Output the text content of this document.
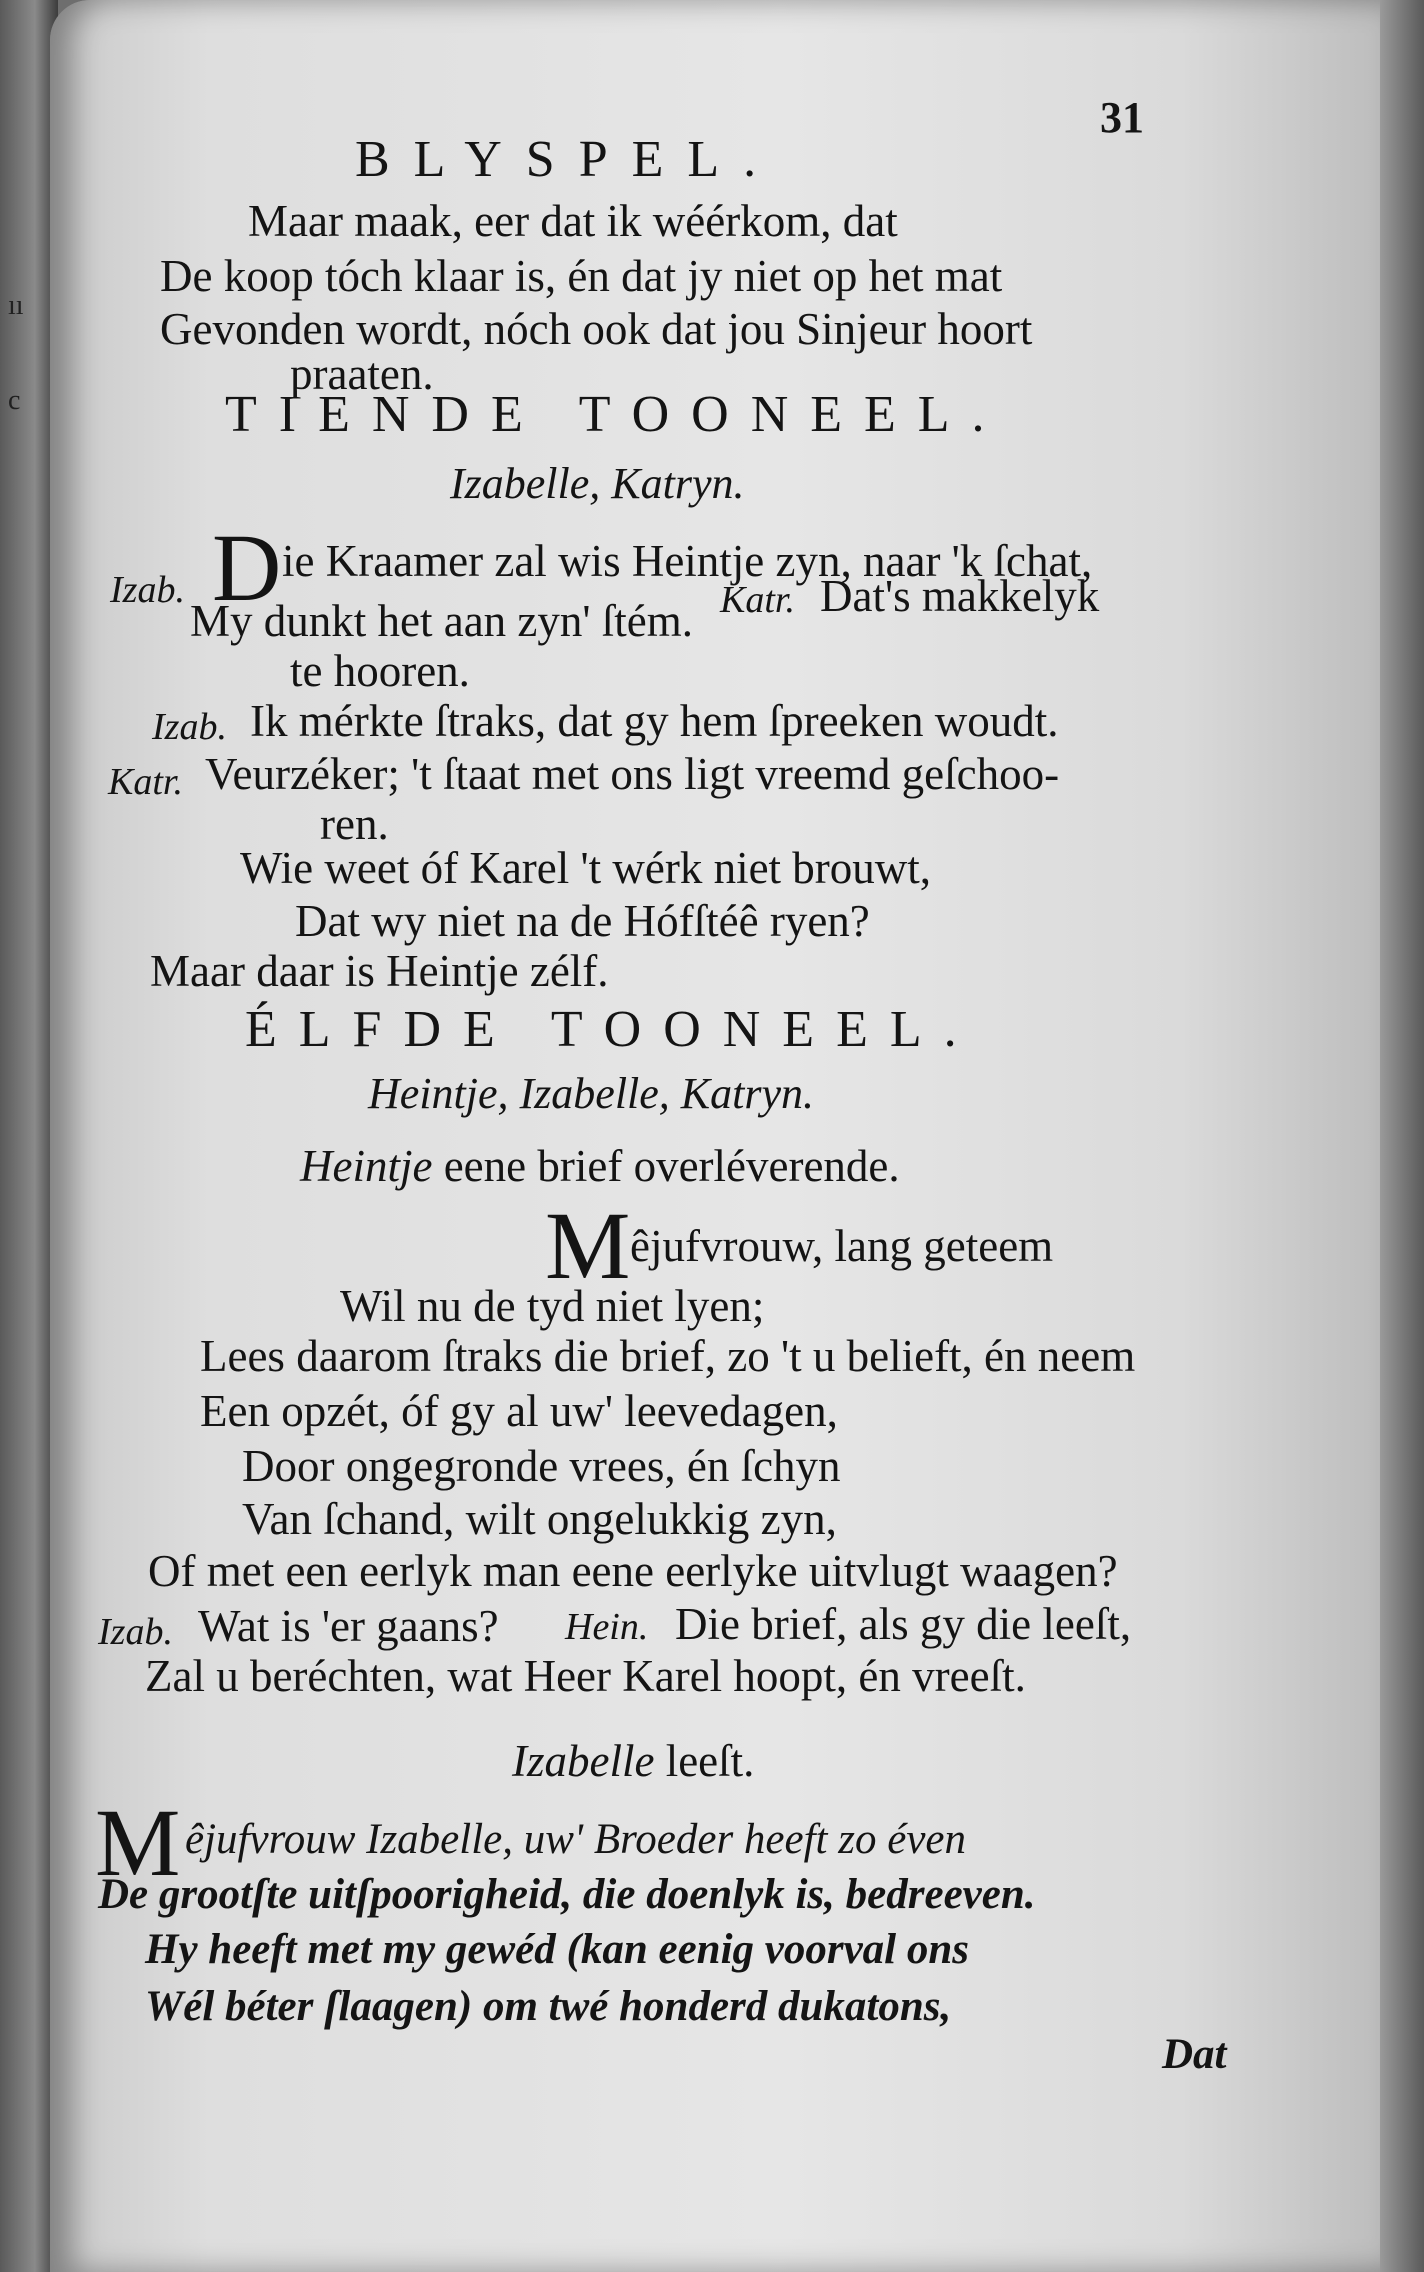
ıı
c
BLYSPEL.
31
Maar maak, eer dat ik wéérkom, dat
De koop tóch klaar is, én dat jy niet op het mat
Gevonden wordt, nóch ook dat jou Sinjeur hoort
praaten.
TIENDE TOONEEL.
Izabelle, Katryn.
Izab. D ie Kraamer zal wis Heintje zyn, naar 'k ſchat,
My dunkt het aan zyn' ſtém. Katr. Dat's makkelyk
te hooren.
Izab. Ik mérkte ſtraks, dat gy hem ſpreeken woudt.
Katr. Veurzéker; 't ſtaat met ons ligt vreemd geſchoo-
ren.
Wie weet óf Karel 't wérk niet brouwt,
Dat wy niet na de Hófſtéê ryen?
Maar daar is Heintje zélf.
ÉLFDE TOONEEL.
Heintje, Izabelle, Katryn.
Heintje eene brief overléverende.
M êjufvrouw, lang geteem
Wil nu de tyd niet lyen;
Lees daarom ſtraks die brief, zo 't u belieft, én neem
Een opzét, óf gy al uw' leevedagen,
Door ongegronde vrees, én ſchyn
Van ſchand, wilt ongelukkig zyn,
Of met een eerlyk man eene eerlyke uitvlugt waagen?
Izab. Wat is 'er gaans? Hein. Die brief, als gy die leeſt,
Zal u beréchten, wat Heer Karel hoopt, én vreeſt.
Izabelle leeſt.
M êjufvrouw Izabelle, uw' Broeder heeft zo éven
De grootſte uitſpoorigheid, die doenlyk is, bedreeven.
Hy heeft met my gewéd (kan eenig voorval ons
Wél béter ſlaagen) om twé honderd dukatons,
Dat
